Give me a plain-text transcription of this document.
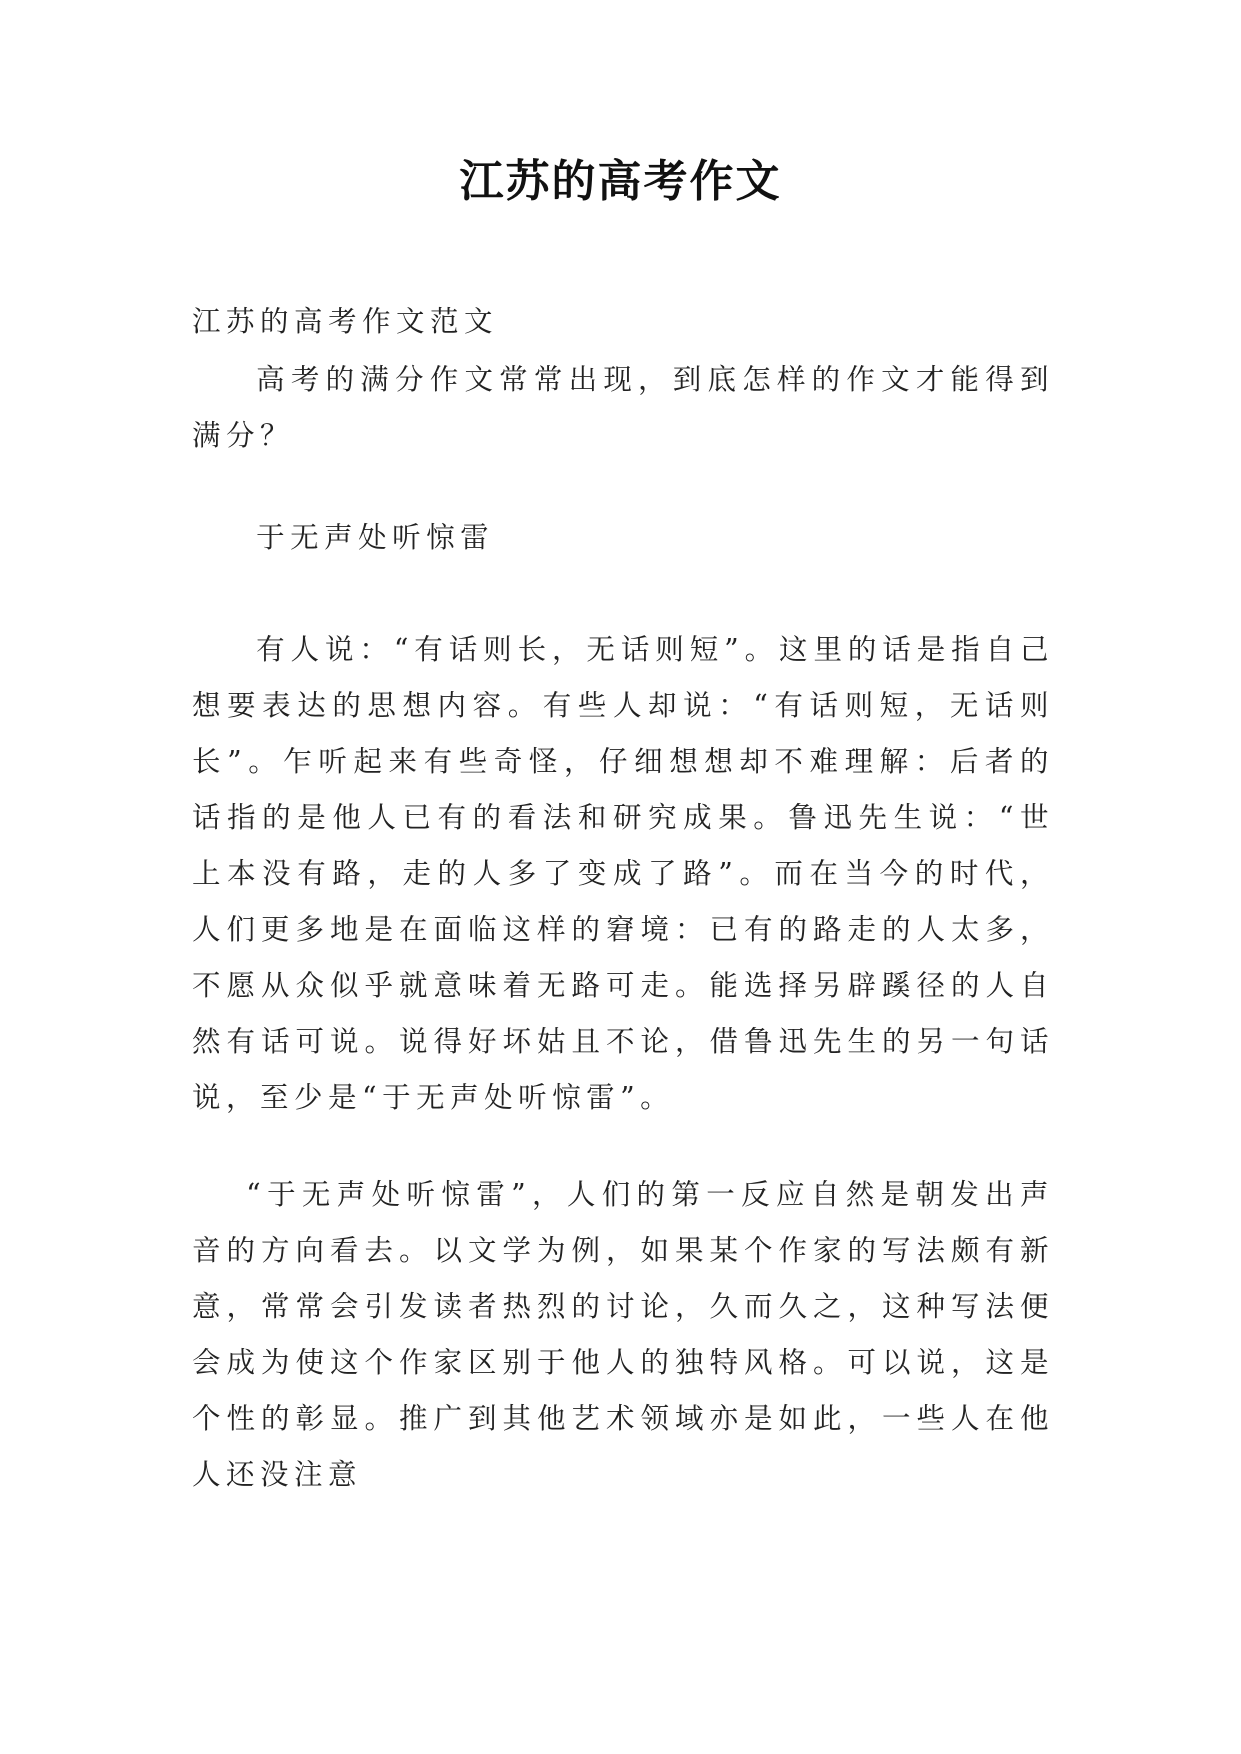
江苏的高考作文

江苏的高考作文范文

高考的满分作文常常出现，到底怎样的作文才能得到满分？

于无声处听惊雷

有人说：“有话则长，无话则短”。这里的话是指自己想要表达的思想内容。有些人却说：“有话则短，无话则长”。乍听起来有些奇怪，仔细想想却不难理解：后者的话指的是他人已有的看法和研究成果。鲁迅先生说：“世上本没有路，走的人多了变成了路”。而在当今的时代，人们更多地是在面临这样的窘境：已有的路走的人太多，不愿从众似乎就意味着无路可走。能选择另辟蹊径的人自然有话可说。说得好坏姑且不论，借鲁迅先生的另一句话说，至少是“于无声处听惊雷”。

“于无声处听惊雷”，人们的第一反应自然是朝发出声音的方向看去。以文学为例，如果某个作家的写法颇有新意，常常会引发读者热烈的讨论，久而久之，这种写法便会成为使这个作家区别于他人的独特风格。可以说，这是个性的彰显。推广到其他艺术领域亦是如此，一些人在他人还没注意
